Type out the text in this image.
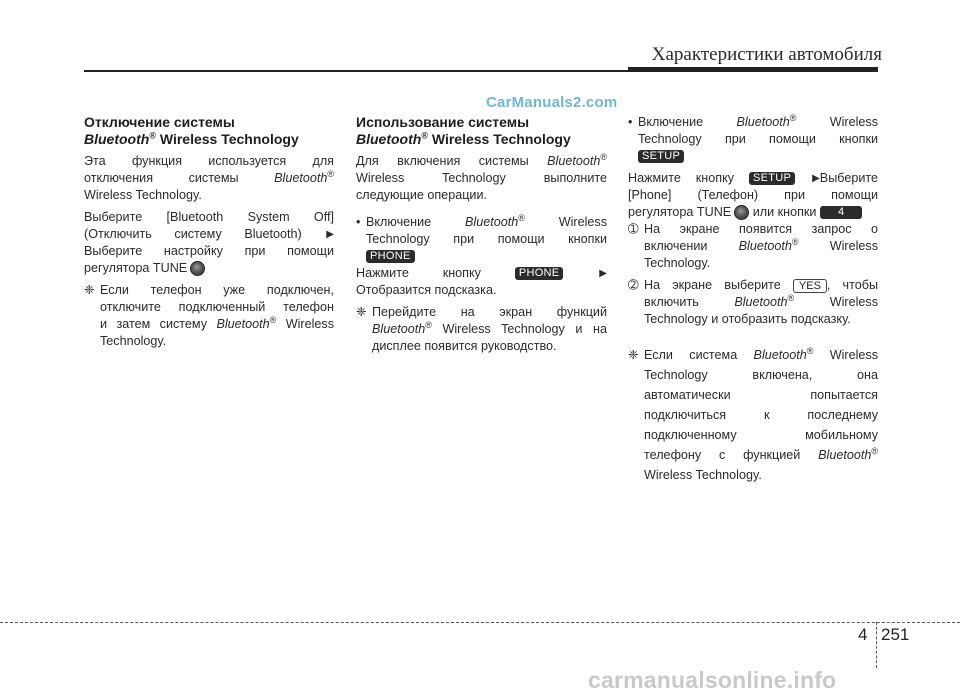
Характеристики автомобиля
CarManuals2.com
Отключение системы
Bluetooth® Wireless Technology
Эта функция используется для отключения системы	Bluetooth®
Wireless Technology.
Выберите [Bluetooth System Off]
(Отключить систему Bluetooth) ▶
Выберите настройку при помощи
регулятора TUNE
❈ Если телефон уже подключен,
отключите подключенный телефон
и затем систему Bluetooth® Wireless
Technology.
Использование системы
Bluetooth® Wireless Technology
Для включения системы Bluetooth®
Wireless Technology выполните
следующие операции.
• Включение	Bluetooth® Wireless
Technology при помощи кнопки
PHONE
Нажмите кнопку	PHONE	▶
Отобразится подсказка.
❈ Перейдите на экран функций
Bluetooth® Wireless Technology и на
дисплее появится руководство.
• Включение	Bluetooth® Wireless
Technology при помощи кнопки
SETUP
Нажмите кнопку SETUP ▶Выберите
[Phone] (Телефон) при помощи
регулятора TUNE или кнопки 4
➀ На экране появится запрос о
включении Bluetooth® Wireless
Technology.
➁ На экране выберите YES , чтобы
включить	Bluetooth® Wireless
Technology и отобразить подсказку.
❈ Если система Bluetooth® Wireless
Technology включена, она
автоматически попытается
подключиться к последнему
подключенному мобильному
телефону с функцией Bluetooth®
Wireless Technology.
4 251
carmanualsonline.info
